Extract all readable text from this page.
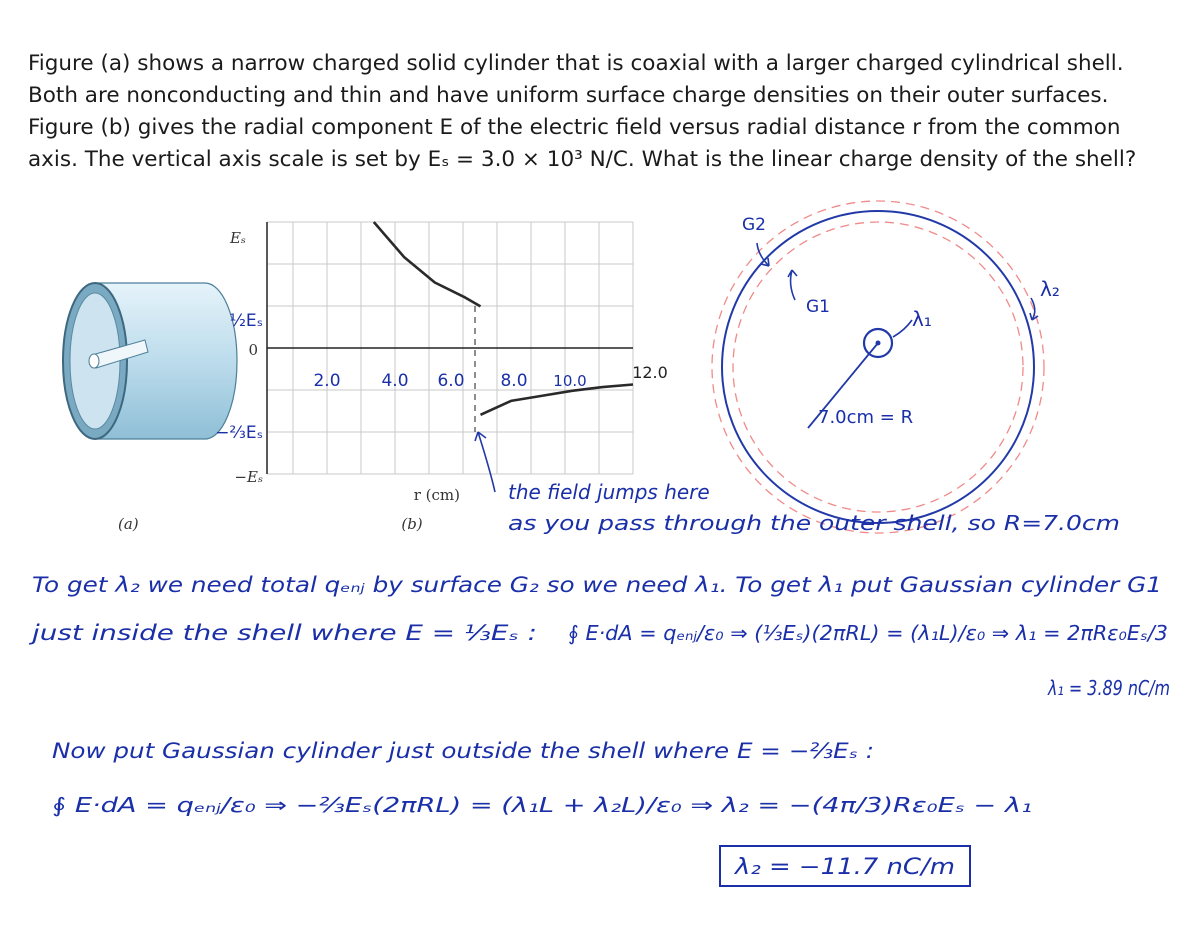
Figure (a) shows a narrow charged solid cylinder that is coaxial with a larger charged cylindrical shell.

Both are nonconducting and thin and have uniform surface charge densities on their outer surfaces.

Figure (b) gives the radial component E of the electric field versus radial distance r from the common

axis. The vertical axis scale is set by Eₛ = 3.0 × 10³ N/C. What is the linear charge density of the shell?

(a)
Eₛ
½Eₛ
0
−⅔Eₛ
−Eₛ
2.0 4.0 6.0 8.0 10.0	12.0
r (cm)
(b)
G2
G1	λ₁
λ₂
7.0cm = R
the field jumps here
as you pass through the outer shell, so R=7.0cm
To get λ₂ we need total qₑₙⱼ by surface G₂ so we need λ₁. To get λ₁ put Gaussian cylinder G1
just inside the shell where E = ⅓Eₛ : ∮ E·dA = qₑₙⱼ/ε₀ ⇒ (⅓Eₛ)(2πRL) = (λ₁L)/ε₀ ⇒ λ₁ = 2πRε₀Eₛ/3
λ₁ = 3.89 nC/m
Now put Gaussian cylinder just outside the shell where E = −⅔Eₛ :
∮ E·dA = qₑₙⱼ/ε₀ ⇒ −⅔Eₛ(2πRL) = (λ₁L + λ₂L)/ε₀ ⇒ λ₂ = −(4π/3)Rε₀Eₛ − λ₁
λ₂ = −11.7 nC/m
